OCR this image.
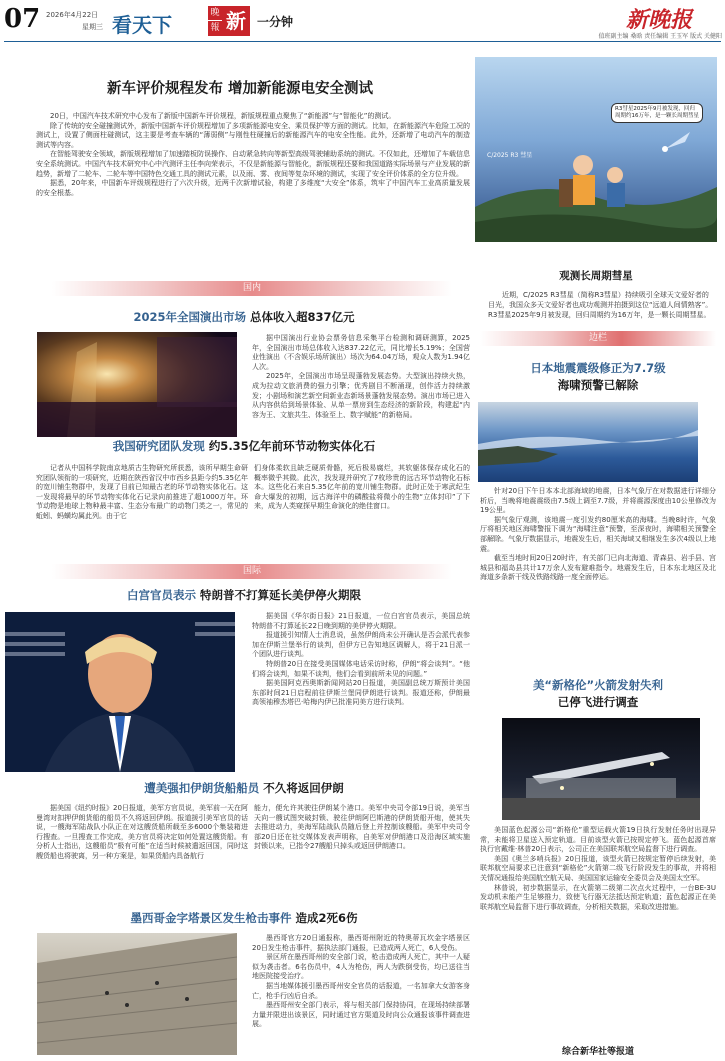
07 2026年4月22日
星期三 看天下	晚 新
報	一分钟	新晚报
值班副主编 桑晗 责任编辑 王玉军 版式 关健阳
新车评价规程发布 增加新能源电安全测试

20日，中国汽车技术研究中心发布了新版中国新车评价规程，新版规程重点聚焦了“新能源”与“智能化”的测试。

除了传统的安全碰撞测试外，新版中国新车评价规程增加了多项新能源电安全、乘员保护等方面的测试。比如，在新能源汽车危险工况的测试上，设置了侧面柱碰测试，这主要是考查车辆的“薄弱侧”与刚性柱硬撞后的新能源汽车的电安全性能。此外，还新增了电动汽车的制造测试等内容。

在智能驾驶安全领域，新版规程增加了加速踏板防误操作、自动紧急转向等新型高级驾驶辅助系统的测试。不仅如此，还增加了车载信息安全系统测试。中国汽车技术研究中心中汽测评主任李向荣表示，不仅是新能源与智能化，新版规程还要和我国道路实际场景与产业发展的新趋势，新增了二轮车、二轮车等中国特色交通工具的测试元素，以及雨、雾、夜间等复杂环境的测试，实现了安全评价体系的全方位升级。

据悉，20年来，中国新车评级规程进行了六次升级，近两千次新增试验，构建了多维度“大安全”体系，筑牢了中国汽车工业高质量发展的安全根基。

R3彗星2025年9月被发现，回归周期约16万年，是一颗长周期彗星
C/2025 R3 彗星
观测长周期彗星

近期，C/2025 R3彗星（简称R3彗星）持续吸引全球天文爱好者的目光，我国众多天文爱好者也成功观测并拍摄到这位“远道人间情熟客”。R3彗星2025年9月被发现，回归周期约为16万年，是一颗长周期彗星。

国内
2025年全国演出市场 总体收入超837亿元

据中国演出行业协会票务信息采集平台检测和调研测算，2025年，全国演出市场总体收入达837.22亿元，同比增长5.19%；全国营业性演出（不含娱乐场所演出）场次为64.04万场，观众人数为1.94亿人次。

2025年，全国演出市场呈现蓬勃发展态势。大型演出持续火热，成为拉动文旅消费的强力引擎；优秀剧目不断涌现，创作活力持续激发；小剧场和演艺新空间新业态新场景蓬勃发展态势。演出市场已进入从内容供给到场景体验、从单一票房到生态经济的新阶段，构建起“内容为王、文旅共生、体验至上、数字赋能”的新格局。

我国研究团队发现 约5.35亿年前环节动物实体化石

记者从中国科学院南京地质古生物研究所获悉，该所早期生命研究团队领衔的一项研究，近期在陕西省汉中市西乡县距今约5.35亿年的宽川铺生物群中，发现了目前已知最古老的环节动物实体化石。这一发现将最早的环节动物实体化石记录向前推进了超1000万年。环节动物是地球上物种最丰富、生态分布最广的动物门类之一，常见的蚯蚓、蚂蟥均属此列。由于它

们身体柔软且缺乏硬质骨骼，死后极易腐烂，其软躯体保存成化石的概率微乎其微。此次，找发现并研究了7枚珍贵的远古环节动物化石标本。这些化石来自5.35亿年前的宽川铺生物群。此时正处于寒武纪生命大爆发的初期，远古海洋中的磷酸盐将微小的生物“立体封印”了下来，成为人类窥探早期生命演化的绝佳窗口。

边栏
日本地震震级修正为7.7级
海啸预警已解除

针对20日下午日本本北部海域的地震，日本气象厅在对数据进行详细分析后，当晚将地震震级由7.5级上调至7.7级，并将震源深度由10公里修改为19公里。

据气象厅观测，该地震一度引发约80厘米高的海啸。当晚8时许，气象厅将相关地区海啸警报下调为“海啸注意”预警，至深夜时，海啸相关预警全部解除。气象厅数据显示，地震发生后，相关海域又相继发生多次4级以上地震。

截至当地时间20日20时许，有关部门已向北海道、青森县、岩手县、宫城县和福岛县共计17万余人发布避难指令。地震发生后，日本东北地区及北海道多条新干线及铁路线路一度全面停运。

国际
白宫官员表示 特朗普不打算延长美伊停火期限

据美国《华尔街日报》21日报道，一位白宫官员表示，美国总统特朗普不打算延长22日晚到期的美伊停火期限。

报道援引知情人士消息说，虽然伊朗尚未公开确认是否会派代表参加在伊斯兰堡举行的谈判，但伊方已告知地区调解人，将于21日派一个团队进行谈判。

特朗普20日在接受美国媒体电话采访时称，伊朗“将会谈判”。“他们将会谈判，如果不谈判，他们会看到前所未见的问题。”

据美国阿克西奥斯新闻网站20日报道，美国副总统万斯预计美国东部时间21日启程前往伊斯兰堡同伊朗进行谈判。报道还称，伊朗最高领袖穆杰塔巴·哈梅内伊已批准同美方进行谈判。

美“新格伦”火箭发射失利
已停飞进行调查

美国蓝色起源公司“新格伦”重型运载火箭19日执行发射任务时出现异常，未能将卫星送入预定轨道。目前该型火箭已按规定停飞。蓝色起源首席执行官戴维·林普20日表示，公司正在美国联邦航空局监督下进行调查。

美国《奥兰多哨兵报》20日报道，该型火箭已按规定暂停后续发射，美联邦航空局要求已注意到“新格伦”火箭第二级飞行阶段发生的事故，并将相关情况通报给美国航空航天局、美国国家运输安全委员会及美国太空军。

林普说，初步数据显示，在火箭第二级第二次点火过程中，一台BE-3U发动机未能产生足够推力，致使飞行器无法抵达预定轨道；蓝色起源正在美联邦航空局监督下进行事故调查，分析相关数据，采取改进措施。

遭美强扣伊朗货船船员 不久将返回伊朗

据美国《纽约时报》20日报道，美军方官员说，美军前一天在阿曼湾对扣押伊朗货船的船员不久将返回伊朗。报道援引美军官员的话说，一艘海军陆战队小队正在对这艘货船所载至多6000个集装箱进行搜查。一旦搜查工作完成，美方官员将决定如何处置这艘货船。有分析人士指出，这艘船员“极有可能”在适当时候被遣返回国，同时这艘货船也将驶离，另一种方案是，如果货船内具备航行

能力，便允许其驶往伊朗某个港口。美军中央司令部19日说，美军当天向一艘试图突破封锁、驶往伊朗阿巴斯港的伊朗货船开炮，使其失去推进动力，美海军陆战队员随后登上并控制该艘船。美军中央司令部20日还在社交媒体发表声明称，自美军对伊朗港口及沿海区域实施封锁以来，已指令27艘船只掉头或返回伊朗港口。

墨西哥金字塔景区发生枪击事件 造成2死6伤

墨西哥官方20日通报称，墨西哥州附近的特奥蒂瓦坎金字塔景区20日发生枪击事件，据执法部门通报，已造成两人死亡，6人受伤。

景区所在墨西哥州的安全部门说，枪击造成两人死亡，其中一人疑似为袭击者。6名伤员中，4人为枪伤，两人为跌倒受伤，均已送往当地医院接受治疗。

据当地媒体援引墨西哥州安全官员的话报道，一名加拿大女游客身亡，枪手行凶后自杀。

墨西哥州安全部门表示，将与相关部门保持协同，在现场持续部署力量并限进出该景区，同时通过官方渠道及时向公众通报该事件调查进展。

综合新华社等报道
